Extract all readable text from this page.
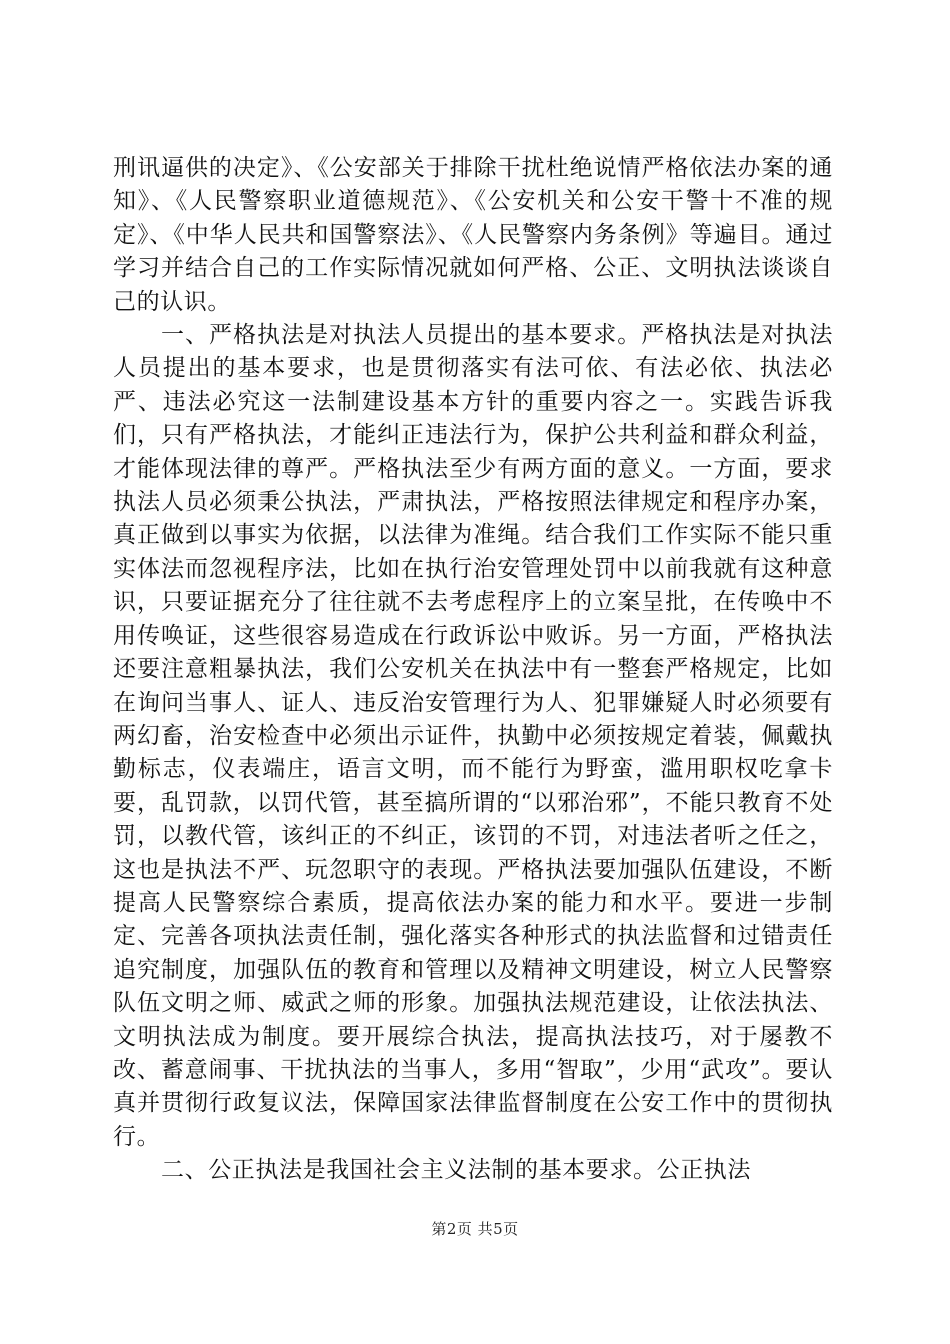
刑讯逼供的决定》、《公安部关于排除干扰杜绝说情严格依法办案的通知》、《人民警察职业道德规范》、《公安机关和公安干警十不准的规定》、《中华人民共和国警察法》、《人民警察内务条例》等遍目。通过学习并结合自己的工作实际情况就如何严格、公正、文明执法谈谈自己的认识。

一、严格执法是对执法人员提出的基本要求。严格执法是对执法人员提出的基本要求，也是贯彻落实有法可依、有法必依、执法必严、违法必究这一法制建设基本方针的重要内容之一。实践告诉我们，只有严格执法，才能纠正违法行为，保护公共利益和群众利益，才能体现法律的尊严。严格执法至少有两方面的意义。一方面，要求执法人员必须秉公执法，严肃执法，严格按照法律规定和程序办案，真正做到以事实为依据，以法律为准绳。结合我们工作实际不能只重实体法而忽视程序法，比如在执行治安管理处罚中以前我就有这种意识，只要证据充分了往往就不去考虑程序上的立案呈批，在传唤中不用传唤证，这些很容易造成在行政诉讼中败诉。另一方面，严格执法还要注意粗暴执法，我们公安机关在执法中有一整套严格规定，比如在询问当事人、证人、违反治安管理行为人、犯罪嫌疑人时必须要有两幻畜，治安检查中必须出示证件，执勤中必须按规定着装，佩戴执勤标志，仪表端庄，语言文明，而不能行为野蛮，滥用职权吃拿卡要，乱罚款，以罚代管，甚至搞所谓的“以邪治邪”，不能只教育不处罚，以教代管，该纠正的不纠正，该罚的不罚，对违法者听之任之，这也是执法不严、玩忽职守的表现。严格执法要加强队伍建设，不断提高人民警察综合素质，提高依法办案的能力和水平。要进一步制定、完善各项执法责任制，强化落实各种形式的执法监督和过错责任追究制度，加强队伍的教育和管理以及精神文明建设，树立人民警察队伍文明之师、威武之师的形象。加强执法规范建设，让依法执法、文明执法成为制度。要开展综合执法，提高执法技巧，对于屡教不改、蓄意闹事、干扰执法的当事人，多用“智取”，少用“武攻”。要认真并贯彻行政复议法，保障国家法律监督制度在公安工作中的贯彻执行。

二、公正执法是我国社会主义法制的基本要求。公正执法

第2页 共5页
